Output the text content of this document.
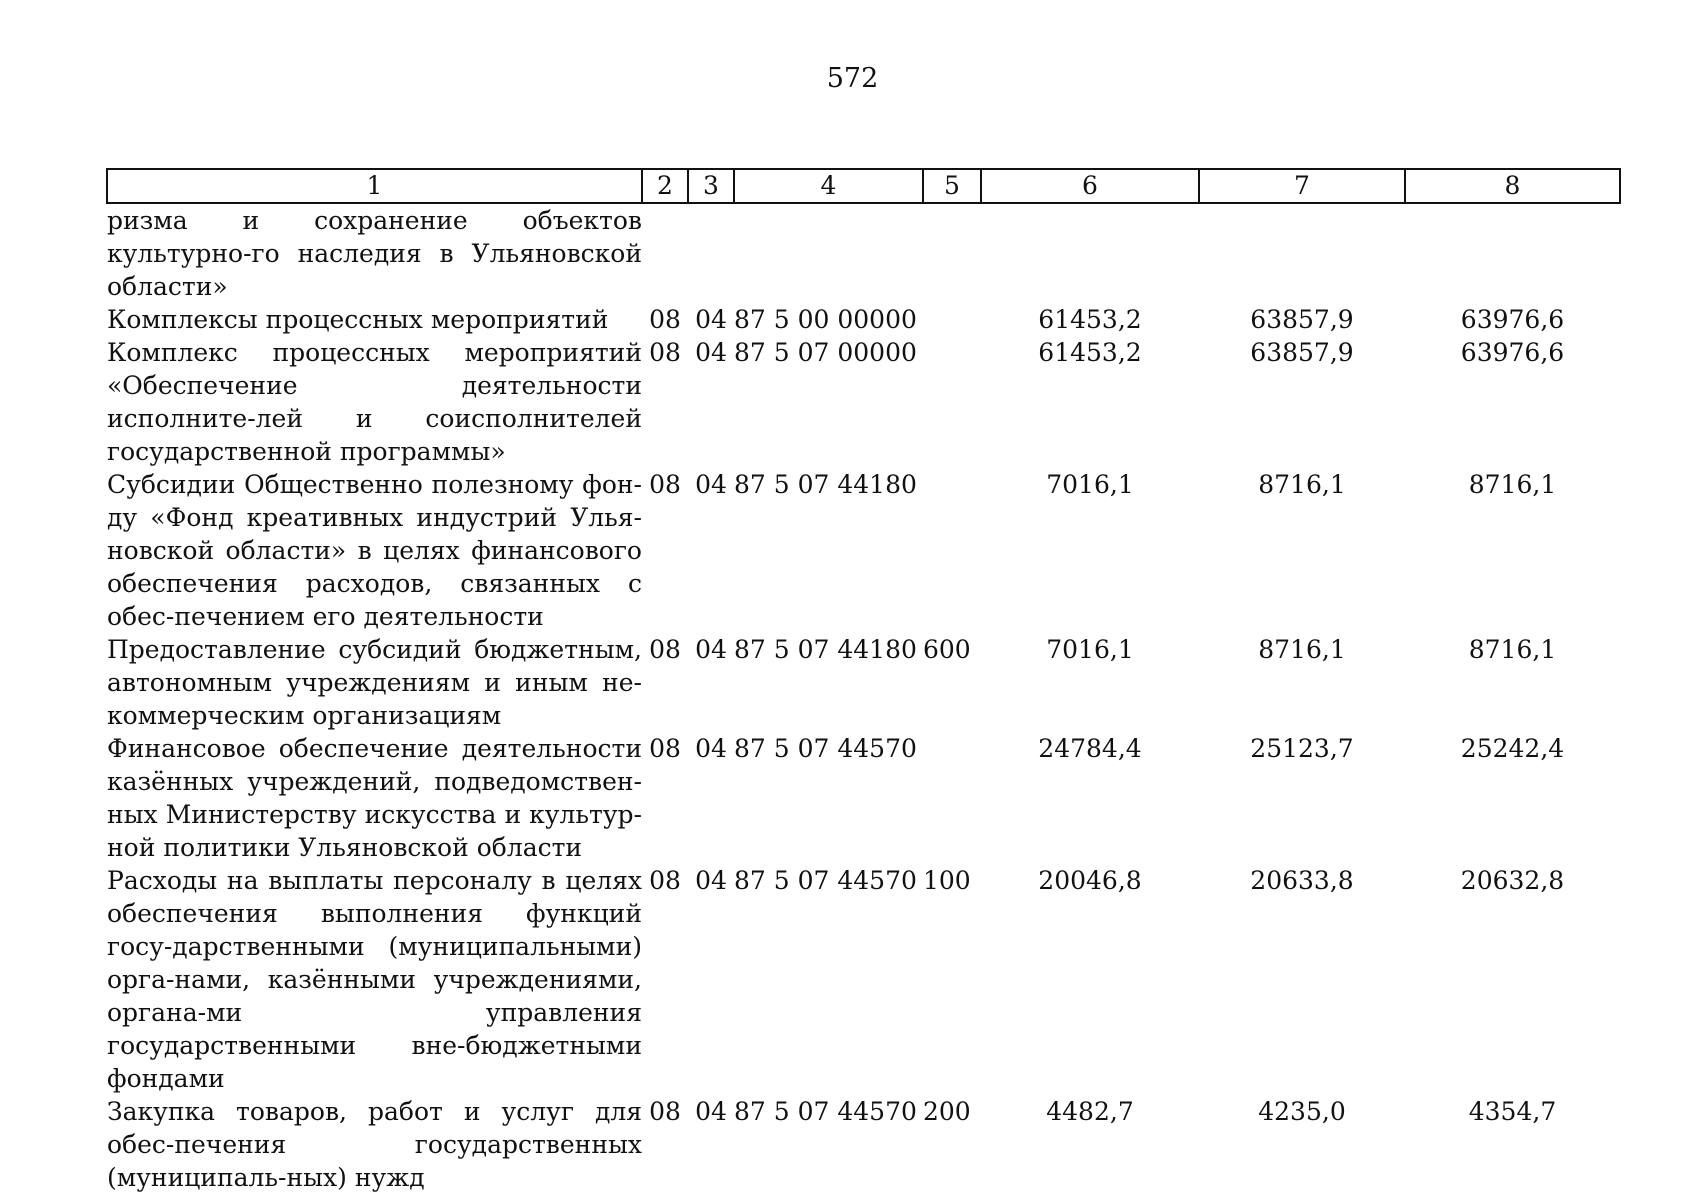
572
1	2	3	4	5	6	7	8
ризма и сохранение объектов культурно-го наследия в Ульяновской области»							
Комплексы процессных мероприятий	08	04	87 5 00 00000		61453,2	63857,9	63976,6
Комплекс процессных мероприятий «Обеспечение деятельности исполните-лей и соисполнителей государственной программы»	08	04	87 5 07 00000		61453,2	63857,9	63976,6
Субсидии Общественно полезному фон-ду «Фонд креативных индустрий Улья-новской области» в целях финансового обеспечения расходов, связанных с обес-печением его деятельности	08	04	87 5 07 44180		7016,1	8716,1	8716,1
Предоставление субсидий бюджетным, автономным учреждениям и иным не-коммерческим организациям	08	04	87 5 07 44180	600	7016,1	8716,1	8716,1
Финансовое обеспечение деятельности казённых учреждений, подведомствен-ных Министерству искусства и культур-ной политики Ульяновской области	08	04	87 5 07 44570		24784,4	25123,7	25242,4
Расходы на выплаты персоналу в целях обеспечения выполнения функций госу-дарственными (муниципальными) орга-нами, казёнными учреждениями, органа-ми управления государственными вне-бюджетными фондами	08	04	87 5 07 44570	100	20046,8	20633,8	20632,8
Закупка товаров, работ и услуг для обес-печения государственных (муниципаль-ных) нужд	08	04	87 5 07 44570	200	4482,7	4235,0	4354,7
